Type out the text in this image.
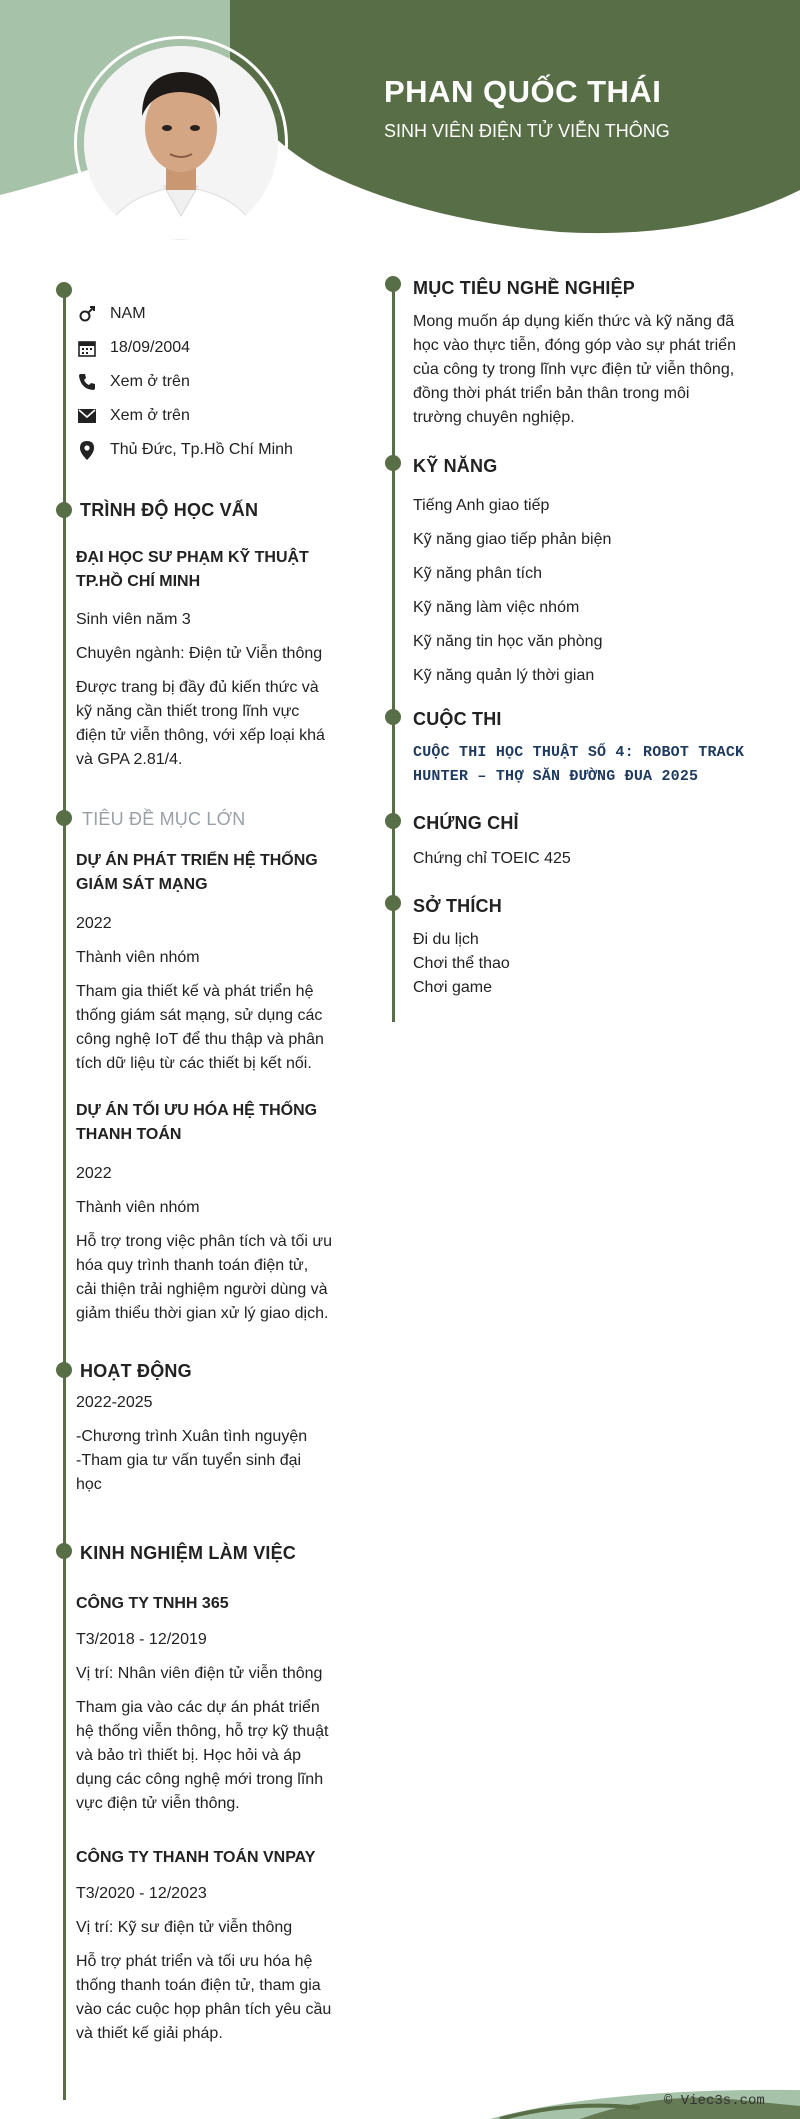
PHAN QUỐC THÁI
SINH VIÊN ĐIỆN TỬ VIỄN THÔNG
NAM
18/09/2004
Xem ở trên
Xem ở trên
Thủ Đức, Tp.Hồ Chí Minh
TRÌNH ĐỘ HỌC VẤN
ĐẠI HỌC SƯ PHẠM KỸ THUẬT
TP.HỒ CHÍ MINH
Sinh viên năm 3
Chuyên ngành: Điện tử Viễn thông
Được trang bị đầy đủ kiến thức và
kỹ năng cần thiết trong lĩnh vực
điện tử viễn thông, với xếp loại khá
và GPA 2.81/4.
TIÊU ĐỀ MỤC LỚN
DỰ ÁN PHÁT TRIỂN HỆ THỐNG
GIÁM SÁT MẠNG
2022
Thành viên nhóm
Tham gia thiết kế và phát triển hệ
thống giám sát mạng, sử dụng các
công nghệ IoT để thu thập và phân
tích dữ liệu từ các thiết bị kết nối.
DỰ ÁN TỐI ƯU HÓA HỆ THỐNG
THANH TOÁN
2022
Thành viên nhóm
Hỗ trợ trong việc phân tích và tối ưu
hóa quy trình thanh toán điện tử,
cải thiện trải nghiệm người dùng và
giảm thiểu thời gian xử lý giao dịch.
HOẠT ĐỘNG
2022-2025
-Chương trình Xuân tình nguyện
-Tham gia tư vấn tuyển sinh đại
học
KINH NGHIỆM LÀM VIỆC
CÔNG TY TNHH 365
T3/2018 - 12/2019
Vị trí: Nhân viên điện tử viễn thông
Tham gia vào các dự án phát triển
hệ thống viễn thông, hỗ trợ kỹ thuật
và bảo trì thiết bị. Học hỏi và áp
dụng các công nghệ mới trong lĩnh
vực điện tử viễn thông.
CÔNG TY THANH TOÁN VNPAY
T3/2020 - 12/2023
Vị trí: Kỹ sư điện tử viễn thông
Hỗ trợ phát triển và tối ưu hóa hệ
thống thanh toán điện tử, tham gia
vào các cuộc họp phân tích yêu cầu
và thiết kế giải pháp.
MỤC TIÊU NGHỀ NGHIỆP
Mong muốn áp dụng kiến thức và kỹ năng đã
học vào thực tiễn, đóng góp vào sự phát triển
của công ty trong lĩnh vực điện tử viễn thông,
đồng thời phát triển bản thân trong môi
trường chuyên nghiệp.
KỸ NĂNG
Tiếng Anh giao tiếp
Kỹ năng giao tiếp phản biện
Kỹ năng phân tích
Kỹ năng làm việc nhóm
Kỹ năng tin học văn phòng
Kỹ năng quản lý thời gian
CUỘC THI
CUỘC THI HỌC THUẬT SỐ 4: ROBOT TRACK
HUNTER – THỢ SĂN ĐƯỜNG ĐUA 2025
CHỨNG CHỈ
Chứng chỉ TOEIC 425
SỞ THÍCH
Đi du lịch
Chơi thể thao
Chơi game
© Viec3s.com
